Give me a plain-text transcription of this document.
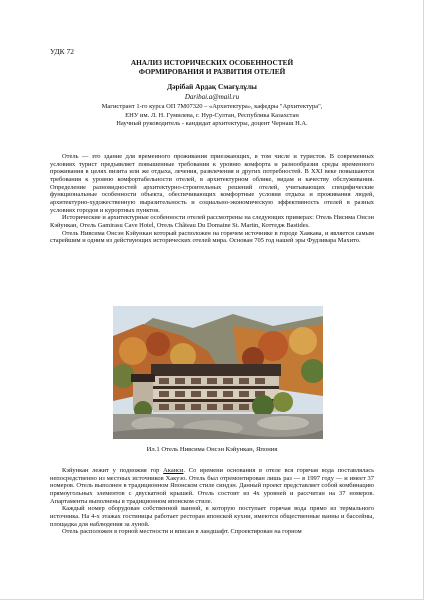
УДК 72
АНАЛИЗ ИСТОРИЧЕСКИХ ОСОБЕННОСТЕЙ
ФОРМИРОВАНИЯ И РАЗВИТИЯ ОТЕЛЕЙ
Дәрібай Ардақ Смағұлұлы
Daribai.a@mail.ru
Магистрант 1-го курса ОП 7М07320 – «Архитектура», кафедры "Архитектура",
ЕНУ им. Л. Н. Гумилева, г. Нур-Султан, Республика Казахстан
Научный руководитель - кандидат архитектуры, доцент Чернаш Н.А.

Отель — это здание для временного проживания приезжающих, в том числе и туристов. В современных условиях турист предъявляет повышенные требования к уровню комфорта и разнообразия среды временного проживания в целях визита или же отдыха, лечения, развлечения и других потребностей. В XXI веке повышаются требования к уровню комфортабельности отелей, в архитектурном облике, видам и качеству обслуживания. Определение разновидностей архитектурно-строительных решений отелей, учитывающих специфические функциональные особенности объекта, обеспечивающих комфортные условия отдыха и проживания людей, архитектурно-художественную выразительность и социально-экономическую эффективность отелей в разных условиях городов и курортных пунктов.

Исторические и архитектурные особенности отелей рассмотрены на следующих примерах: Отель Нисима Онсэн Кэйункан, Отель Gamirasu Cave Hotel, Отель Château Du Domaine St. Martin, Коттедж Bastides.

Отель Нивсима Онсэн Кэйункан который расположен на горячем источнике в городе Хаякава, и является самым старейшим и одним из действующих исторических отелей мира. Основан 705 год нашей эры Фудзивара Махито.

Ил.1 Отель Нивсима Онсэн Кэйункан, Япония

Кэйункан лежит у подножия гор Акаиси. Со времени основания в отеле вся горячая вода поставлялась непосредственно из местных источников Хакуэо. Отель был отремонтирован лишь раз — в 1997 году — и имеет 37 номеров. Отель выполнен в традиционном Японском стиле синдэн. Данный проект представляет собой комбинацию прямоугольных элементов с двускатной крышей. Отель состоит из 4х уровней и рассчитан на 37 номеров. Апартаменты выполнены в традиционном японском стиле.

Каждый номер оборудован собственной ванной, в которую поступает горячая вода прямо из термального источника. На 4-х этажах гостиницы работает ресторан японской кухни, имеются общественные ванны и бассейны, площадка для наблюдения за луной.

Отель расположен в горной местности и вписан в ландшафт. Спроектирован на горном
